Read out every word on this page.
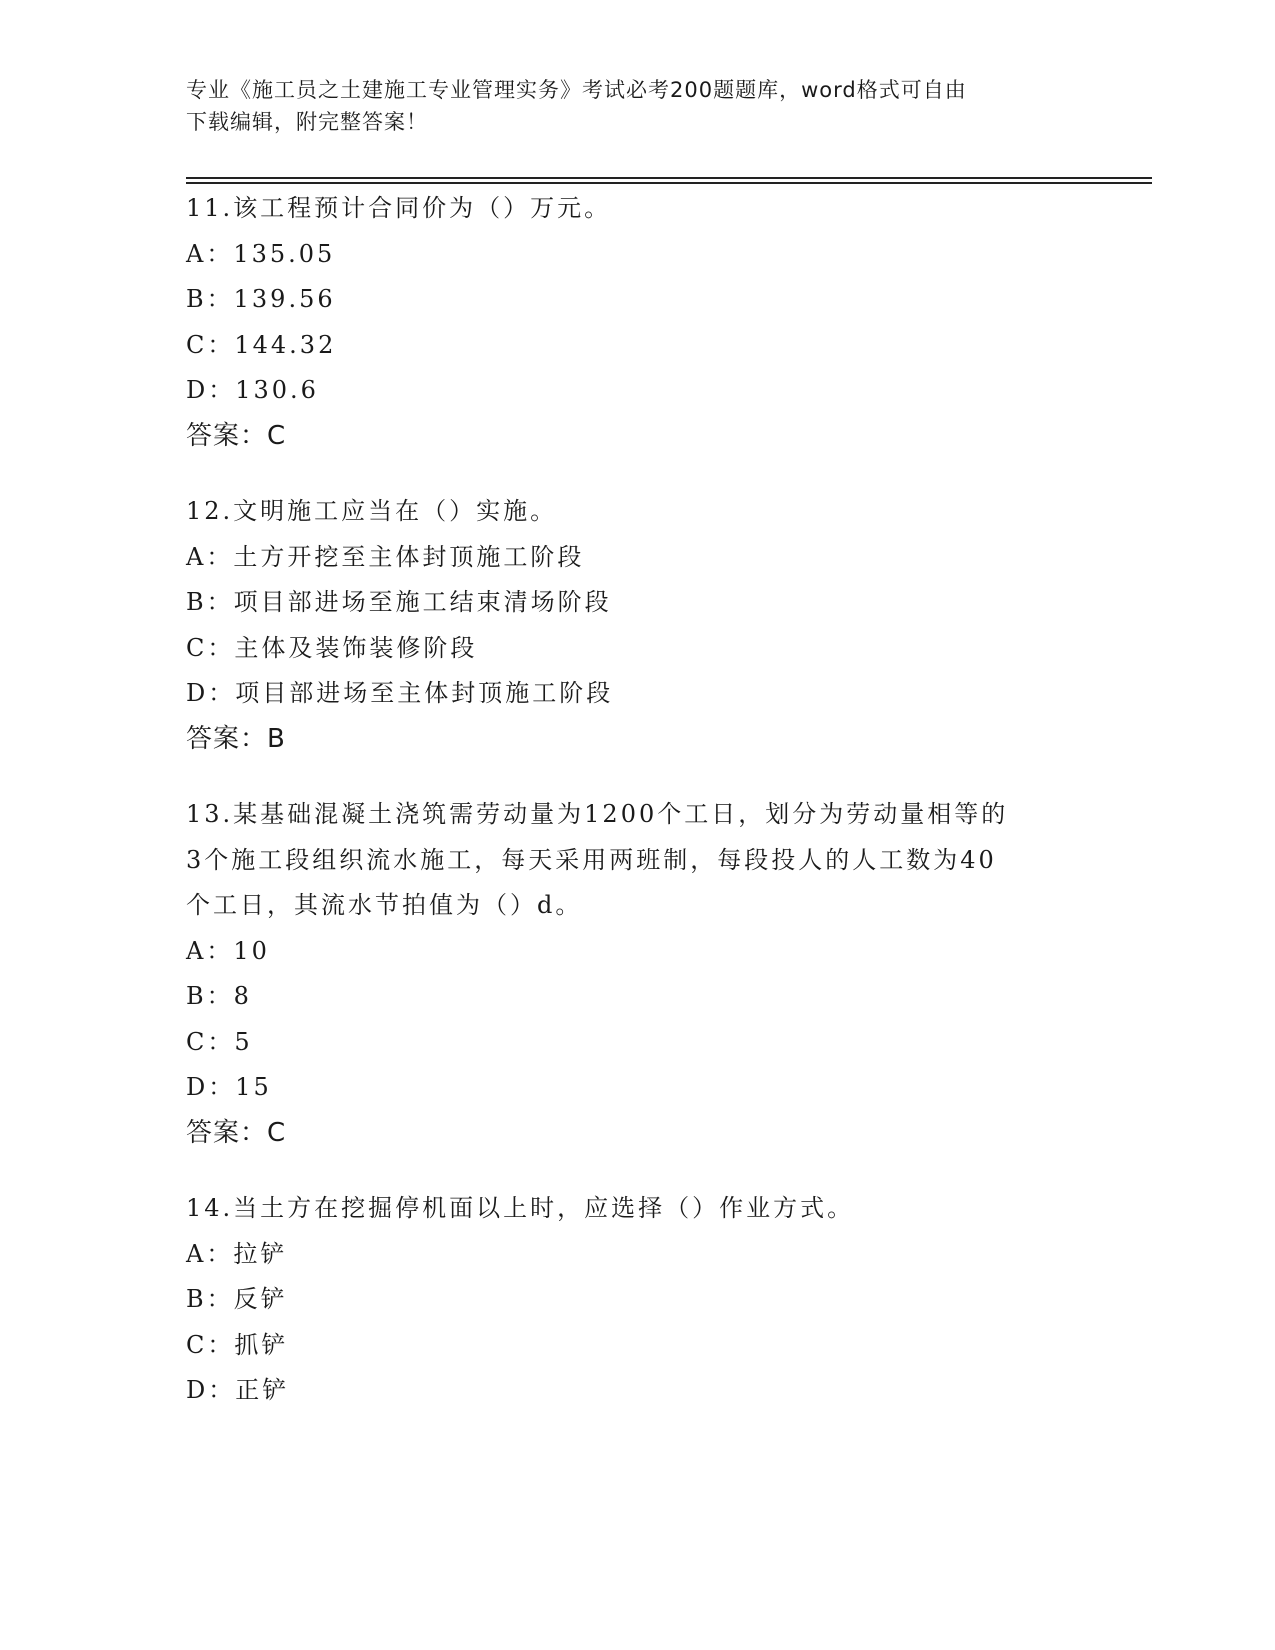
专业《施工员之土建施工专业管理实务》考试必考200题题库，word格式可自由
下载编辑，附完整答案！
11.该工程预计合同价为（）万元。
A：135.05
B：139.56
C：144.32
D：130.6
答案：C
12.文明施工应当在（）实施。
A：土方开挖至主体封顶施工阶段
B：项目部进场至施工结束清场阶段
C：主体及装饰装修阶段
D：项目部进场至主体封顶施工阶段
答案：B
13.某基础混凝土浇筑需劳动量为1200个工日，划分为劳动量相等的
3个施工段组织流水施工，每天采用两班制，每段投人的人工数为40
个工日，其流水节拍值为（）d。
A：10
B：8
C：5
D：15
答案：C
14.当土方在挖掘停机面以上时，应选择（）作业方式。
A：拉铲
B：反铲
C：抓铲
D：正铲
